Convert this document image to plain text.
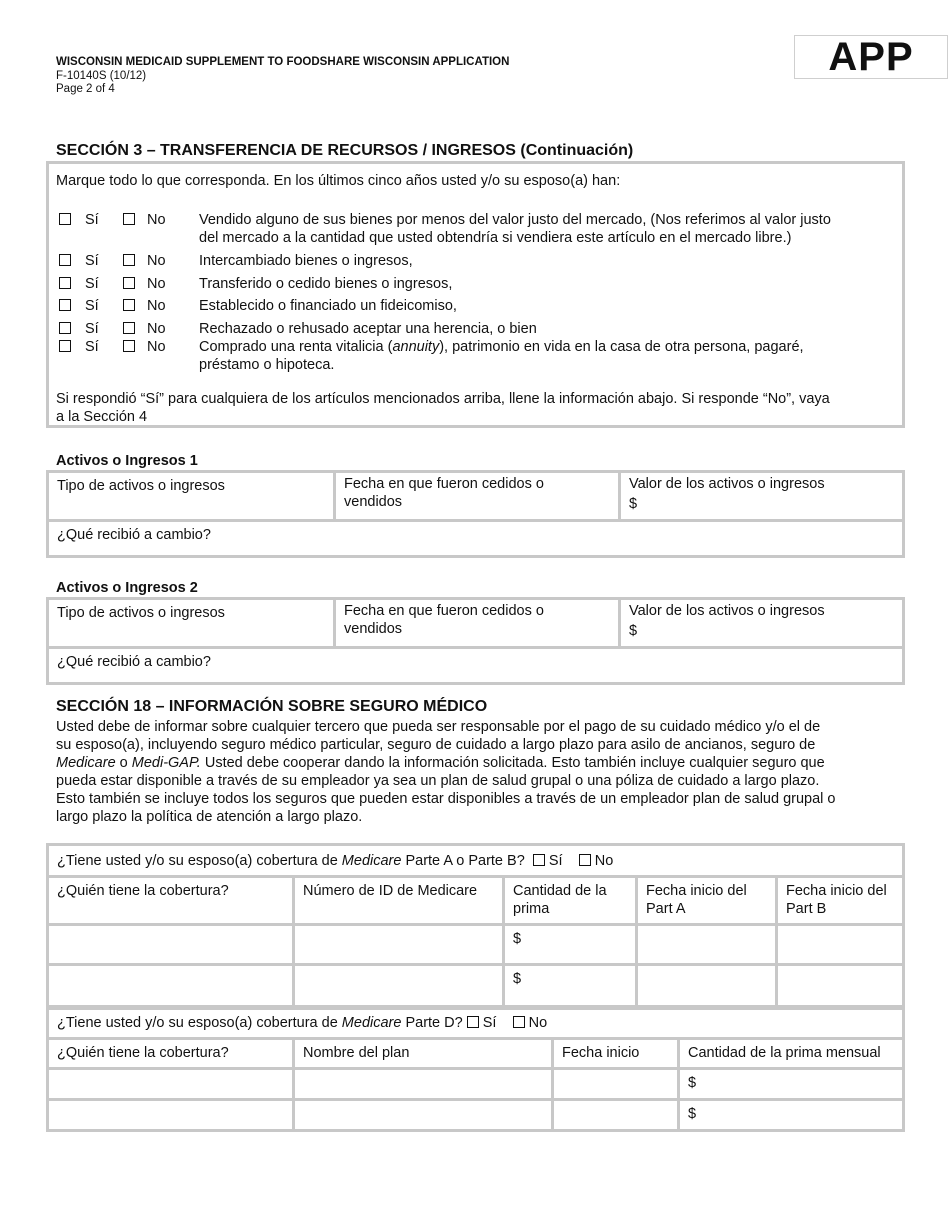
WISCONSIN MEDICAID SUPPLEMENT TO FOODSHARE WISCONSIN APPLICATION
F-10140S (10/12)
Page 2 of 4
APP
SECCIÓN 3 – TRANSFERENCIA DE RECURSOS / INGRESOS (Continuación)
Marque todo lo que corresponda. En los últimos cinco años usted y/o su esposo(a) han:
Sí	No Vendido alguno de sus bienes por menos del valor justo del mercado, (Nos referimos al valor justo
del mercado a la cantidad que usted obtendría si vendiera este artículo en el mercado libre.)
Sí	No Intercambiado bienes o ingresos,
Sí	No Transferido o cedido bienes o ingresos,
Sí	No Establecido o financiado un fideicomiso,
Sí	No Rechazado o rehusado aceptar una herencia, o bien
Sí	No Comprado una renta vitalicia (annuity), patrimonio en vida en la casa de otra persona, pagaré,
préstamo o hipoteca.
Si respondió “Sí” para cualquiera de los artículos mencionados arriba, llene la información abajo. Si responde “No”, vaya
a la Sección 4
Activos o Ingresos 1
Tipo de activos o ingresos	Fecha en que fueron cedidos o
vendidos	Valor de los activos o ingresos
$
¿Qué recibió a cambio?
Activos o Ingresos 2
Tipo de activos o ingresos	Fecha en que fueron cedidos o
vendidos	Valor de los activos o ingresos
$
¿Qué recibió a cambio?
SECCIÓN 18 – INFORMACIÓN SOBRE SEGURO MÉDICO
Usted debe de informar sobre cualquier tercero que pueda ser responsable por el pago de su cuidado médico y/o el de
su esposo(a), incluyendo seguro médico particular, seguro de cuidado a largo plazo para asilo de ancianos, seguro de
Medicare o Medi-GAP. Usted debe cooperar dando la información solicitada. Esto también incluye cualquier seguro que
pueda estar disponible a través de su empleador ya sea un plan de salud grupal o una póliza de cuidado a largo plazo.
Esto también se incluye todos los seguros que pueden estar disponibles a través de un empleador plan de salud grupal o
largo plazo la política de atención a largo plazo.
¿Tiene usted y/o su esposo(a) cobertura de Medicare Parte A o Parte B? Sí No				
¿Quién tiene la cobertura?	Número de ID de Medicare	Cantidad de la prima	Fecha inicio del Part A	Fecha inicio del Part B
		$		
		$		
¿Tiene usted y/o su esposo(a) cobertura de Medicare Parte D? Sí No			
¿Quién tiene la cobertura?	Nombre del plan	Fecha inicio	Cantidad de la prima mensual
			$
			$
